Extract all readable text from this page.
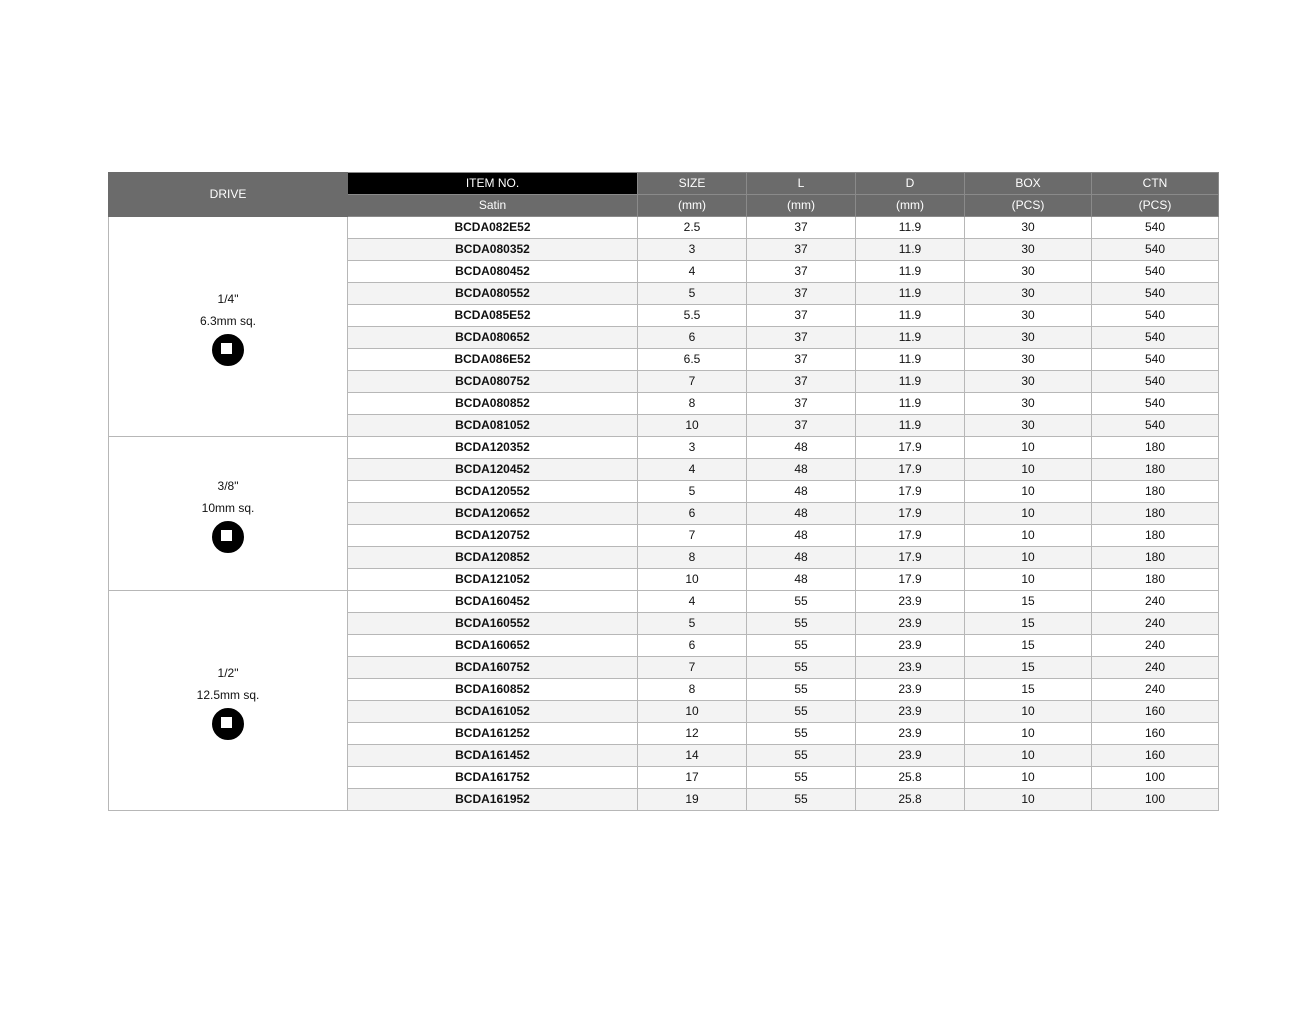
DRIVE	ITEM NO.	SIZE	L	D	BOX	CTN
	Satin	(mm)	(mm)	(mm)	(PCS)	(PCS)

1/4"
6.3mm sq.	BCDA082E52	2.5	37	11.9	30	540
	BCDA080352	3	37	11.9	30	540
	BCDA080452	4	37	11.9	30	540
	BCDA080552	5	37	11.9	30	540
	BCDA085E52	5.5	37	11.9	30	540
	BCDA080652	6	37	11.9	30	540
	BCDA086E52	6.5	37	11.9	30	540
	BCDA080752	7	37	11.9	30	540
	BCDA080852	8	37	11.9	30	540
	BCDA081052	10	37	11.9	30	540

3/8"
10mm sq.	BCDA120352	3	48	17.9	10	180
	BCDA120452	4	48	17.9	10	180
	BCDA120552	5	48	17.9	10	180
	BCDA120652	6	48	17.9	10	180
	BCDA120752	7	48	17.9	10	180
	BCDA120852	8	48	17.9	10	180
	BCDA121052	10	48	17.9	10	180

1/2"
12.5mm sq.	BCDA160452	4	55	23.9	15	240
	BCDA160552	5	55	23.9	15	240
	BCDA160652	6	55	23.9	15	240
	BCDA160752	7	55	23.9	15	240
	BCDA160852	8	55	23.9	15	240
	BCDA161052	10	55	23.9	10	160
	BCDA161252	12	55	23.9	10	160
	BCDA161452	14	55	23.9	10	160
	BCDA161752	17	55	25.8	10	100
	BCDA161952	19	55	25.8	10	100
